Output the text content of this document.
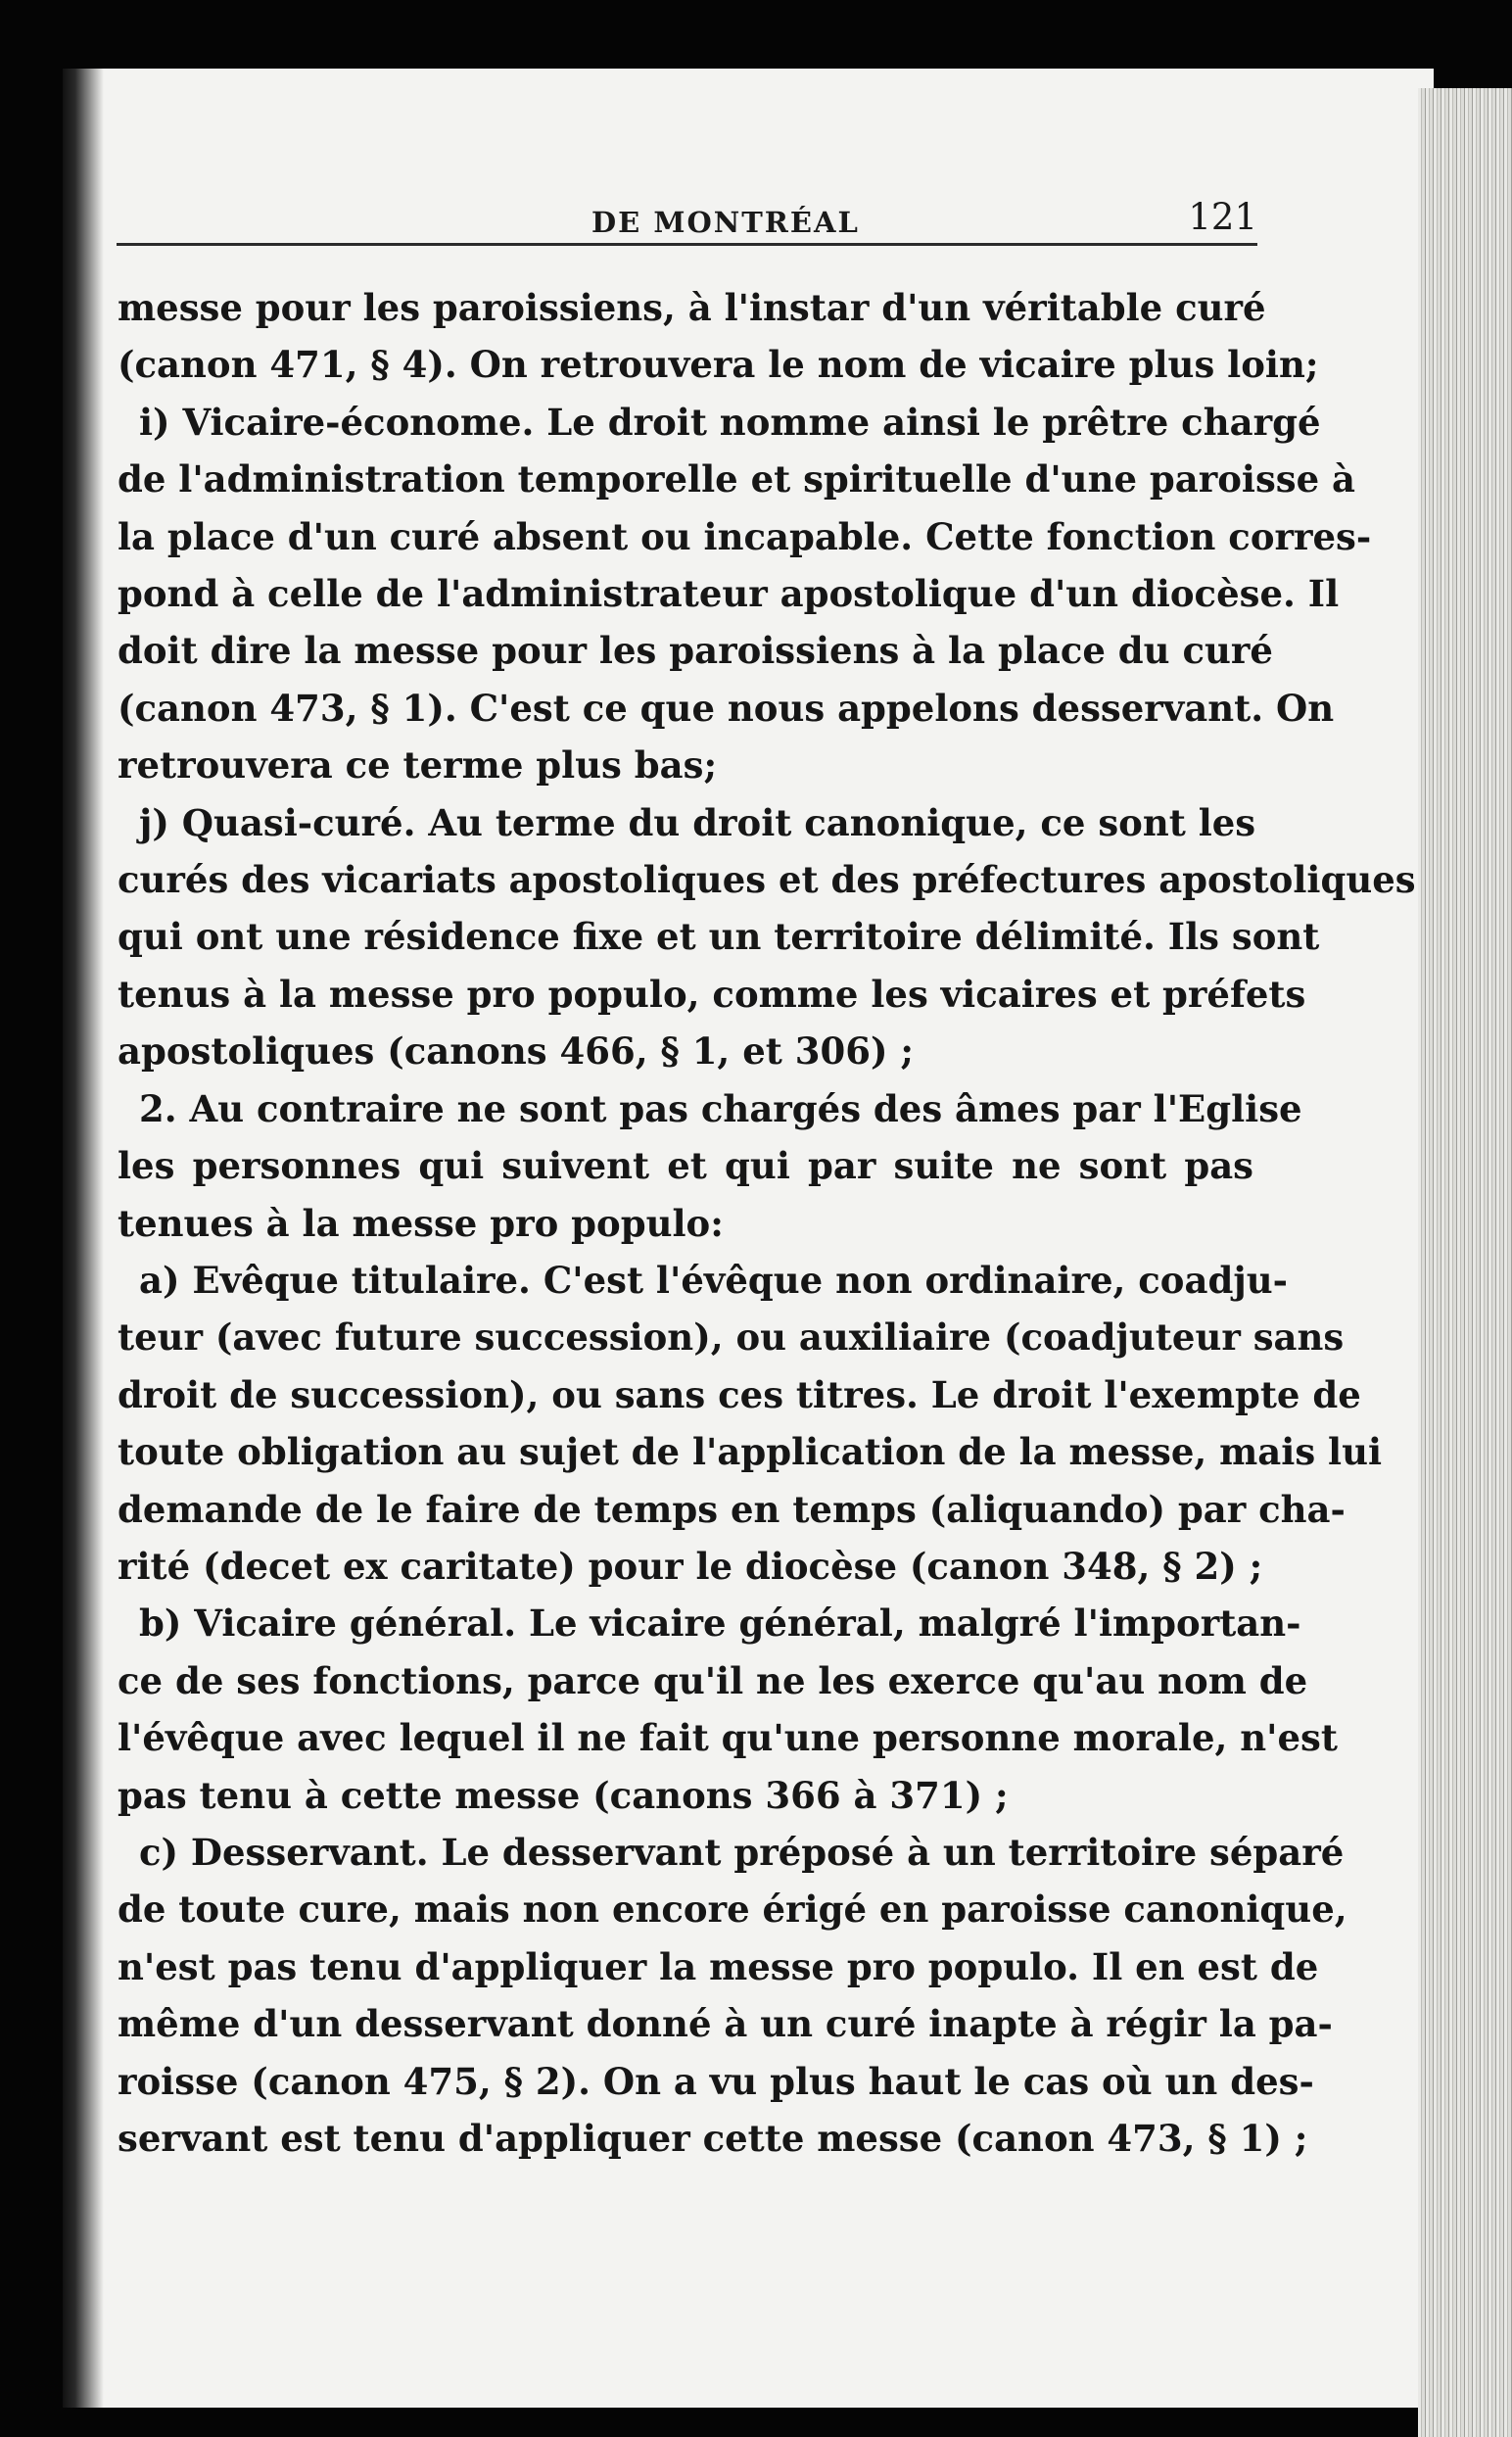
DE MONTRÉAL	121
messe pour les paroissiens, à l'instar d'un véritable curé
(canon 471, § 4). On retrouvera le nom de vicaire plus loin;
i) Vicaire-économe. Le droit nomme ainsi le prêtre chargé
de l'administration temporelle et spirituelle d'une paroisse à
la place d'un curé absent ou incapable. Cette fonction corres-
pond à celle de l'administrateur apostolique d'un diocèse. Il
doit dire la messe pour les paroissiens à la place du curé
(canon 473, § 1). C'est ce que nous appelons desservant. On
retrouvera ce terme plus bas;
j) Quasi-curé. Au terme du droit canonique, ce sont les
curés des vicariats apostoliques et des préfectures apostoliques
qui ont une résidence fixe et un territoire délimité. Ils sont
tenus à la messe pro populo, comme les vicaires et préfets
apostoliques (canons 466, § 1, et 306) ;
2. Au contraire ne sont pas chargés des âmes par l'Eglise
les personnes qui suivent et qui par suite ne sont pas
tenues à la messe pro populo:
a) Evêque titulaire. C'est l'évêque non ordinaire, coadju-
teur (avec future succession), ou auxiliaire (coadjuteur sans
droit de succession), ou sans ces titres. Le droit l'exempte de
toute obligation au sujet de l'application de la messe, mais lui
demande de le faire de temps en temps (aliquando) par cha-
rité (decet ex caritate) pour le diocèse (canon 348, § 2) ;
b) Vicaire général. Le vicaire général, malgré l'importan-
ce de ses fonctions, parce qu'il ne les exerce qu'au nom de
l'évêque avec lequel il ne fait qu'une personne morale, n'est
pas tenu à cette messe (canons 366 à 371) ;
c) Desservant. Le desservant préposé à un territoire séparé
de toute cure, mais non encore érigé en paroisse canonique,
n'est pas tenu d'appliquer la messe pro populo. Il en est de
même d'un desservant donné à un curé inapte à régir la pa-
roisse (canon 475, § 2). On a vu plus haut le cas où un des-
servant est tenu d'appliquer cette messe (canon 473, § 1) ;
